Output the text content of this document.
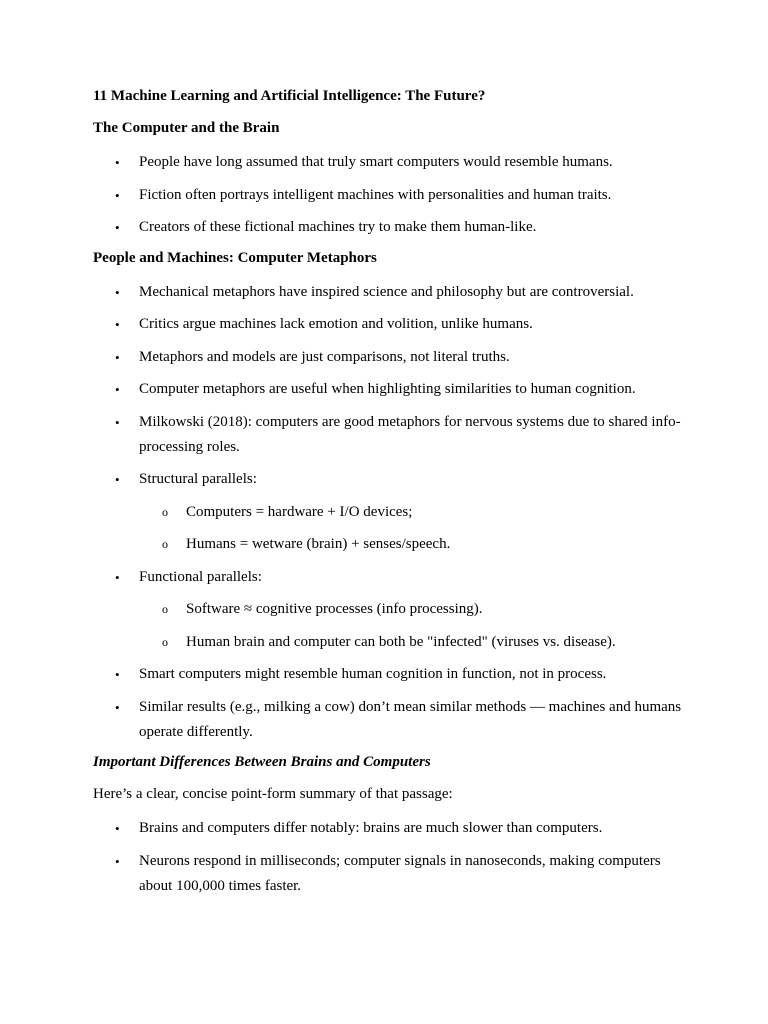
11 Machine Learning and Artificial Intelligence: The Future?
The Computer and the Brain
• People have long assumed that truly smart computers would resemble humans.
• Fiction often portrays intelligent machines with personalities and human traits.
• Creators of these fictional machines try to make them human-like.
People and Machines: Computer Metaphors
• Mechanical metaphors have inspired science and philosophy but are controversial.
• Critics argue machines lack emotion and volition, unlike humans.
• Metaphors and models are just comparisons, not literal truths.
• Computer metaphors are useful when highlighting similarities to human cognition.
• Milkowski (2018): computers are good metaphors for nervous systems due to shared info-processing roles.
• Structural parallels:
o Computers = hardware + I/O devices;
o Humans = wetware (brain) + senses/speech.
• Functional parallels:
o Software ≈ cognitive processes (info processing).
o Human brain and computer can both be "infected" (viruses vs. disease).
• Smart computers might resemble human cognition in function, not in process.
• Similar results (e.g., milking a cow) don’t mean similar methods — machines and humans operate differently.
Important Differences Between Brains and Computers
Here’s a clear, concise point-form summary of that passage:
• Brains and computers differ notably: brains are much slower than computers.
• Neurons respond in milliseconds; computer signals in nanoseconds, making computers about 100,000 times faster.
